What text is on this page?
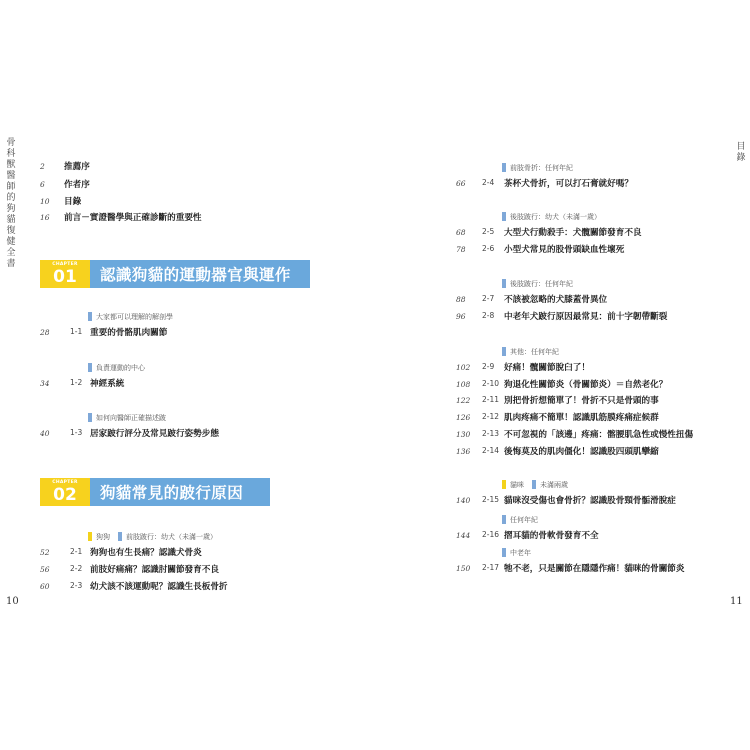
骨科獸醫師的狗貓復健全書
目錄
10	11
2	推薦序
6	作者序
10	目錄
16	前言－實證醫學與正確診斷的重要性
CHAPTER
01	認識狗貓的運動器官與運作
大家都可以理解的解剖學
28	1-1 重要的骨骼肌肉關節
負責運動的中心
34	1-2 神經系統
如何向醫師正確描述跛
40	1-3 居家跛行評分及常見跛行姿勢步態
CHAPTER
02	狗貓常見的跛行原因
狗狗 前肢跛行：幼犬（未滿一歲）
52	2-1 狗狗也有生長痛？認識犬骨炎
56	2-2 前肢好痛痛？認識肘關節發育不良
60	2-3 幼犬該不該運動呢？認識生長板骨折
前肢骨折：任何年紀
66	2-4 茶杯犬骨折，可以打石膏就好嗎？
後肢跛行：幼犬（未滿一歲）
68	2-5 大型犬行動殺手：犬髖關節發育不良
78	2-6 小型犬常見的股骨頭缺血性壞死
後肢跛行：任何年紀
88	2-7 不該被忽略的犬膝蓋骨異位
96	2-8 中老年犬跛行原因最常見：前十字韌帶斷裂
其他：任何年紀
102	2-9 好痛！髖關節脫臼了！
108	2-10 狗退化性關節炎（骨關節炎）＝自然老化？
122	2-11 別把骨折想簡單了！骨折不只是骨頭的事
126	2-12 肌肉疼痛不簡單！認識肌筋膜疼痛症候群
130	2-13 不可忽視的「該邊」疼痛：髂腰肌急性或慢性扭傷
136	2-14 後悔莫及的肌肉僵化！認識股四頭肌攣縮
貓咪 未滿兩歲
140	2-15 貓咪沒受傷也會骨折？認識股骨頸骨骺滑脫症
任何年紀
144	2-16 摺耳貓的骨軟骨發育不全
中老年
150	2-17 牠不老，只是關節在隱隱作痛！貓咪的骨關節炎
